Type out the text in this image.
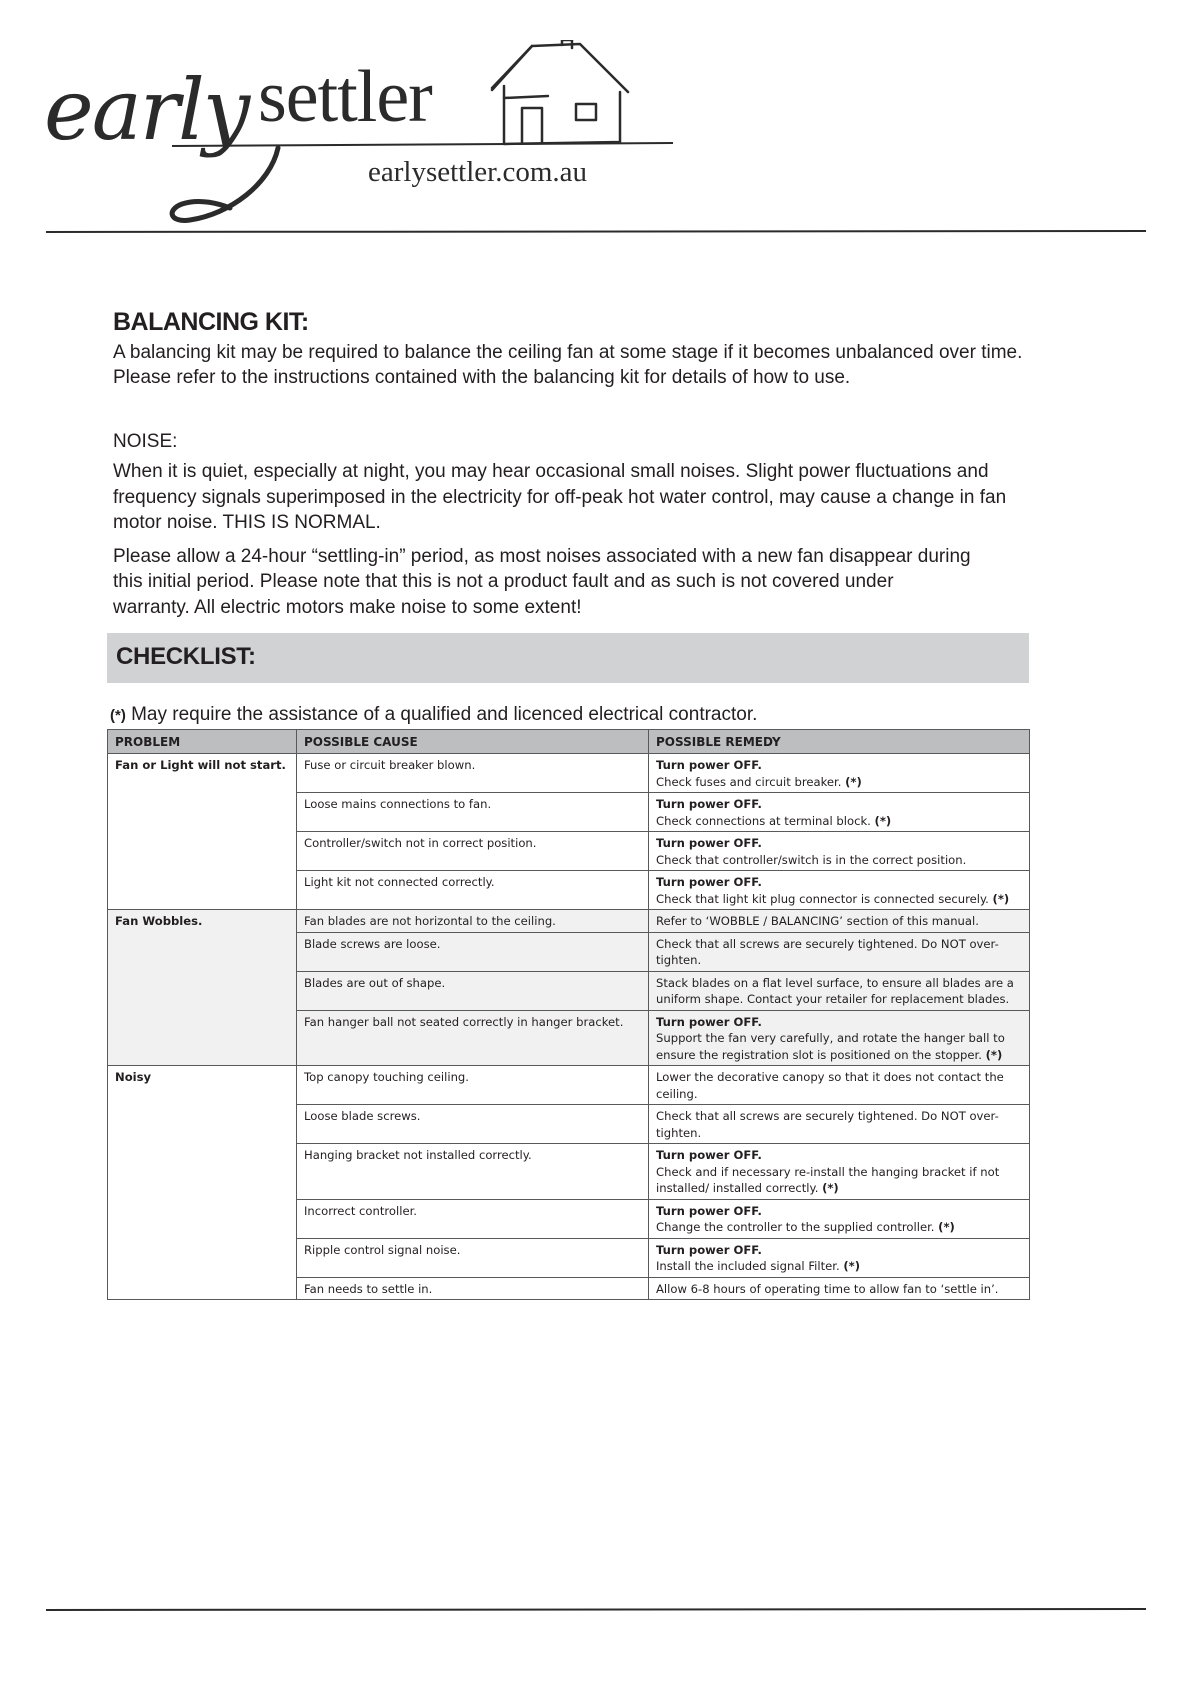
early settler
earlysettler.com.au
BALANCING KIT:

A balancing kit may be required to balance the ceiling fan at some stage if it becomes unbalanced over time. Please refer to the instructions contained with the balancing kit for details of how to use.

NOISE:

When it is quiet, especially at night, you may hear occasional small noises. Slight power fluctuations and frequency signals superimposed in the electricity for off-peak hot water control, may cause a change in fan motor noise. THIS IS NORMAL.

Please allow a 24-hour “settling-in” period, as most noises associated with a new fan disappear during this initial period. Please note that this is not a product fault and as such is not covered under warranty. All electric motors make noise to some extent!

CHECKLIST:
(*) May require the assistance of a qualified and licenced electrical contractor.
PROBLEM	POSSIBLE CAUSE	POSSIBLE REMEDY
Fan or Light will not start.	Fuse or circuit breaker blown.	Turn power OFF.
Check fuses and circuit breaker. (*)
	Loose mains connections to fan.	Turn power OFF.
Check connections at terminal block. (*)
	Controller/switch not in correct position.	Turn power OFF.
Check that controller/switch is in the correct position.
	Light kit not connected correctly.	Turn power OFF.
Check that light kit plug connector is connected securely. (*)
Fan Wobbles.	Fan blades are not horizontal to the ceiling.	Refer to ‘WOBBLE / BALANCING’ section of this manual.
	Blade screws are loose.	Check that all screws are securely tightened. Do NOT over-tighten.
	Blades are out of shape.	Stack blades on a flat level surface, to ensure all blades are a uniform shape. Contact your retailer for replacement blades.
	Fan hanger ball not seated correctly in hanger bracket.	Turn power OFF.
Support the fan very carefully, and rotate the hanger ball to ensure the registration slot is positioned on the stopper. (*)
Noisy	Top canopy touching ceiling.	Lower the decorative canopy so that it does not contact the ceiling.
	Loose blade screws.	Check that all screws are securely tightened. Do NOT over-tighten.
	Hanging bracket not installed correctly.	Turn power OFF.
Check and if necessary re-install the hanging bracket if not installed/ installed correctly. (*)
	Incorrect controller.	Turn power OFF.
Change the controller to the supplied controller. (*)
	Ripple control signal noise.	Turn power OFF.
Install the included signal Filter. (*)
	Fan needs to settle in.	Allow 6-8 hours of operating time to allow fan to ‘settle in’.
